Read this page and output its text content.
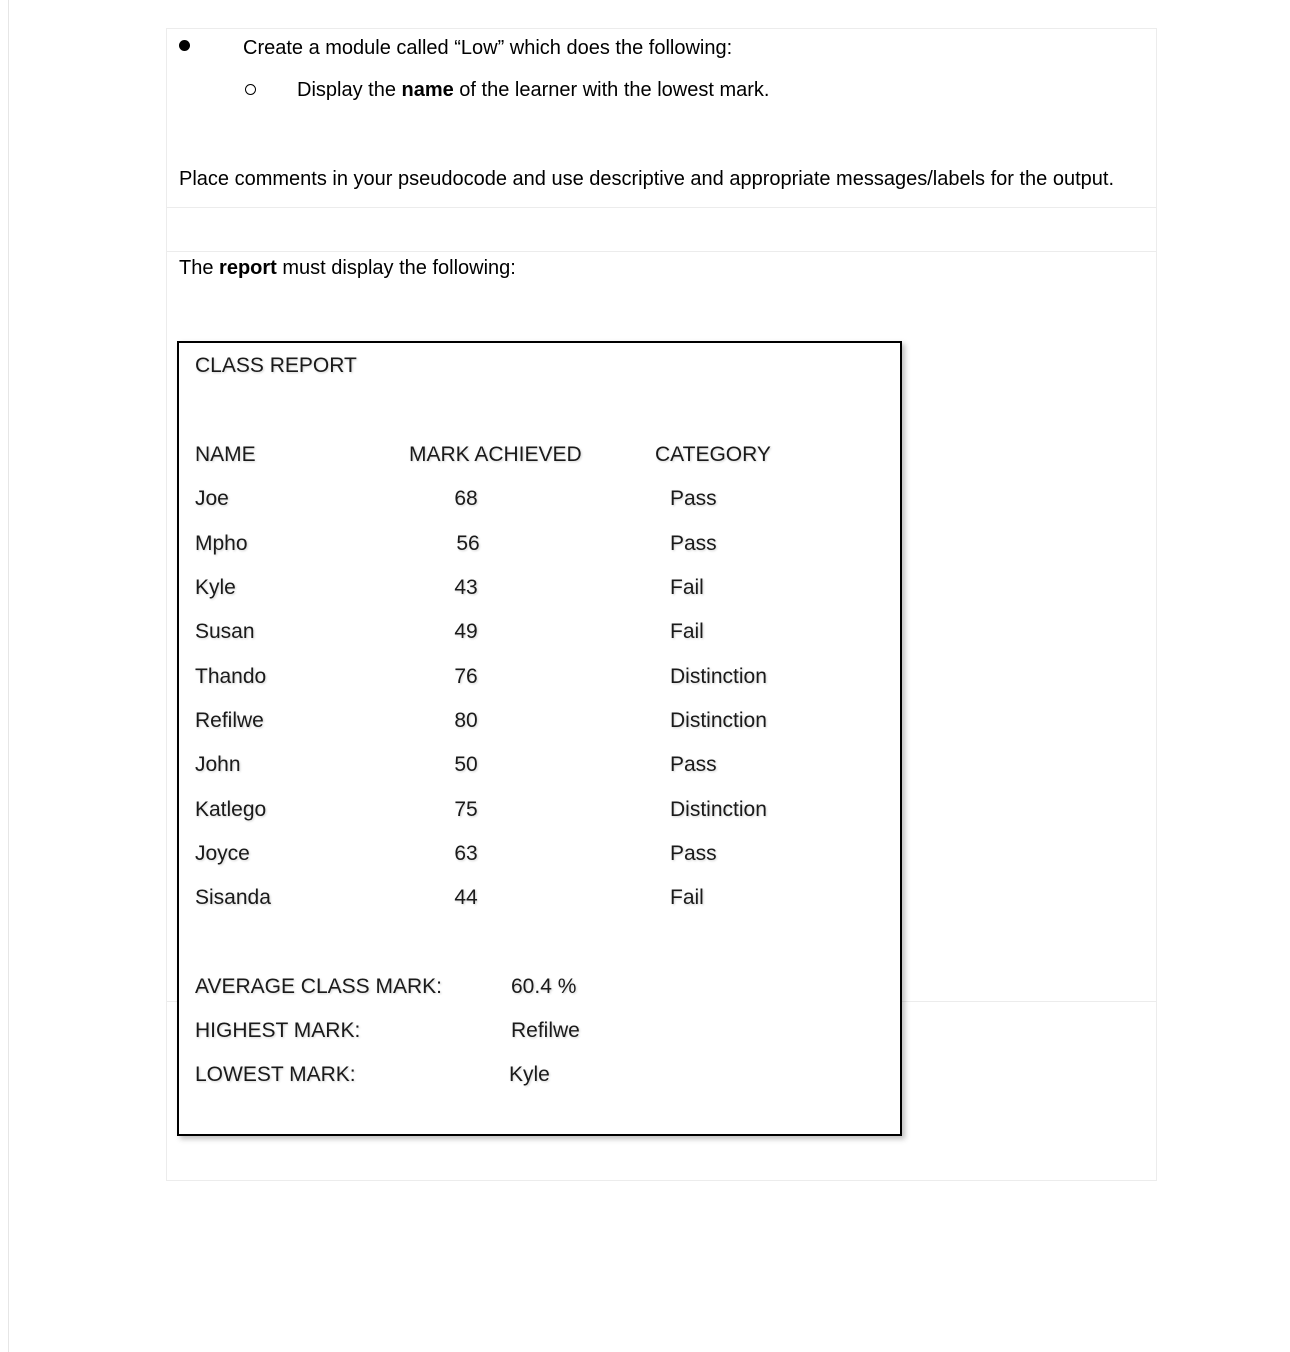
Create a module called “Low” which does the following:
Display the name of the learner with the lowest mark.
Place comments in your pseudocode and use descriptive and appropriate messages/labels for the output.
The report must display the following:
CLASS REPORT
NAME	MARK ACHIEVED	CATEGORY
Joe	68	Pass
Mpho	56	Pass
Kyle	43	Fail
Susan	49	Fail
Thando	76	Distinction
Refilwe	80	Distinction
John	50	Pass
Katlego	75	Distinction
Joyce	63	Pass
Sisanda	44	Fail
AVERAGE CLASS MARK:	60.4 %
HIGHEST MARK:	Refilwe
LOWEST MARK:	Kyle
